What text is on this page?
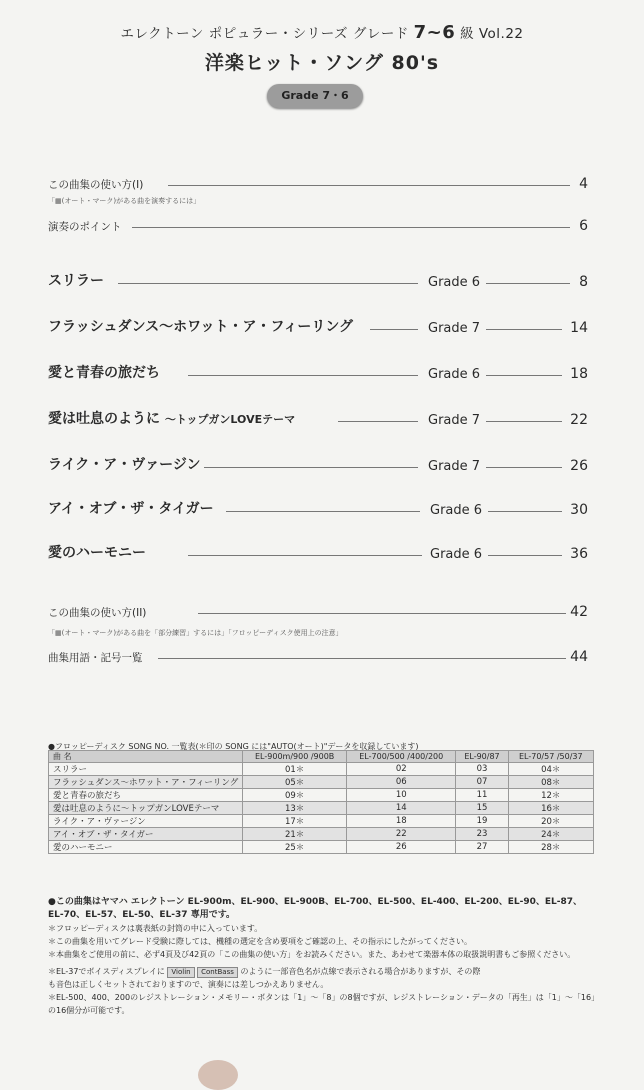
エレクトーン ポピュラー・シリーズ グレード 7~6 級 Vol.22
洋楽ヒット・ソング 80's
Grade 7・6
この曲集の使い方(I)	4
「▦(オート・マーク)がある曲を演奏するには」
演奏のポイント	6
スリラー	Grade 6	8
フラッシュダンス〜ホワット・ア・フィーリング	Grade 7	14
愛と青春の旅だち	Grade 6	18
愛は吐息のように 〜トップガンLOVEテーマ	Grade 7	22
ライク・ア・ヴァージン	Grade 7	26
アイ・オブ・ザ・タイガー	Grade 6	30
愛のハーモニー	Grade 6	36
この曲集の使い方(II)	42
「▦(オート・マーク)がある曲を「部分練習」するには」「フロッピーディスク使用上の注意」
曲集用語・記号一覧	44
●フロッピーディスク SONG NO. 一覧表(＊印の SONG には"AUTO(オート)"データを収録しています)
曲 名	EL-900m/900 /900B	EL-700/500 /400/200	EL-90/87	EL-70/57 /50/37
スリラー	01＊	02	03	04＊
フラッシュダンス〜ホワット・ア・フィーリング	05＊	06	07	08＊
愛と青春の旅だち	09＊	10	11	12＊
愛は吐息のように〜トップガンLOVEテーマ	13＊	14	15	16＊
ライク・ア・ヴァージン	17＊	18	19	20＊
アイ・オブ・ザ・タイガー	21＊	22	23	24＊
愛のハーモニー	25＊	26	27	28＊

●この曲集はヤマハ エレクトーン EL-900m、EL-900、EL-900B、EL-700、EL-500、EL-400、EL-200、EL-90、EL-87、EL-70、EL-57、EL-50、EL-37 専用です。

＊フロッピーディスクは裏表紙の封筒の中に入っています。

＊この曲集を用いてグレード受験に際しては、機種の選定を含め要項をご確認の上、その指示にしたがってください。

＊本曲集をご使用の前に、必ず4頁及び42頁の「この曲集の使い方」をお読みください。また、あわせて楽器本体の取扱説明書もご参照ください。

＊EL-37でボイスディスプレイに Violin ContBass のように一部音色名が点線で表示される場合がありますが、その際

も音色は正しくセットされておりますので、演奏には差しつかえありません。

＊EL-500、400、200のレジストレーション・メモリー・ボタンは「1」〜「8」の8個ですが、レジストレーション・データの「再生」は「1」〜「16」の16個分が可能です。
